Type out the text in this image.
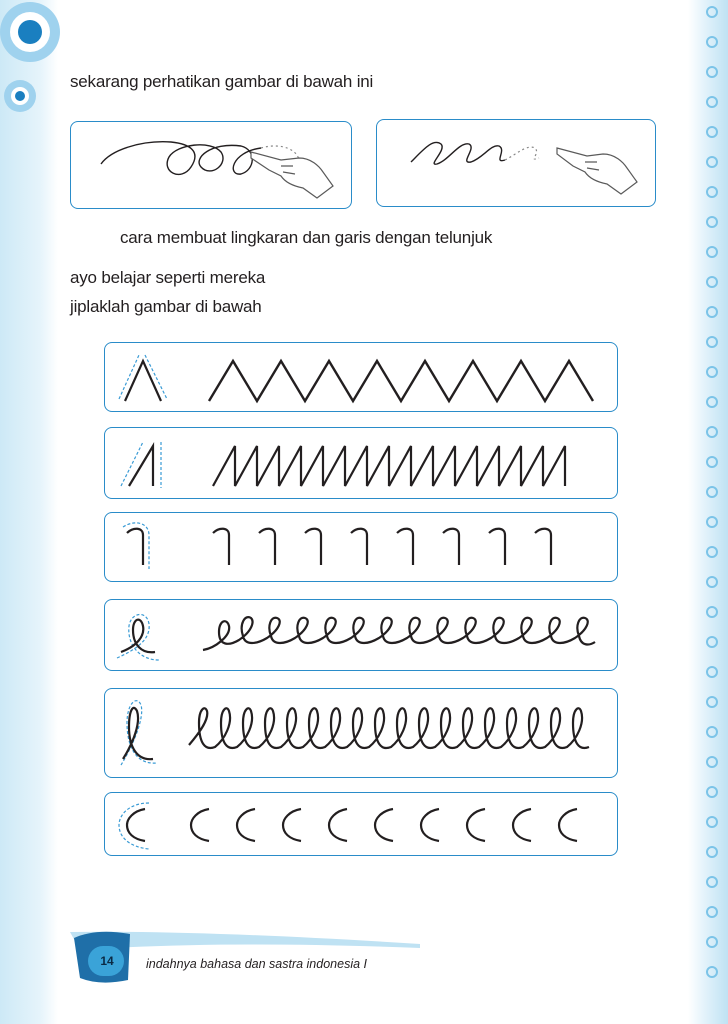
sekarang perhatikan gambar di bawah ini
cara membuat lingkaran dan garis dengan telunjuk
ayo belajar seperti mereka
jiplaklah gambar di bawah
14	indahnya bahasa dan sastra indonesia I
